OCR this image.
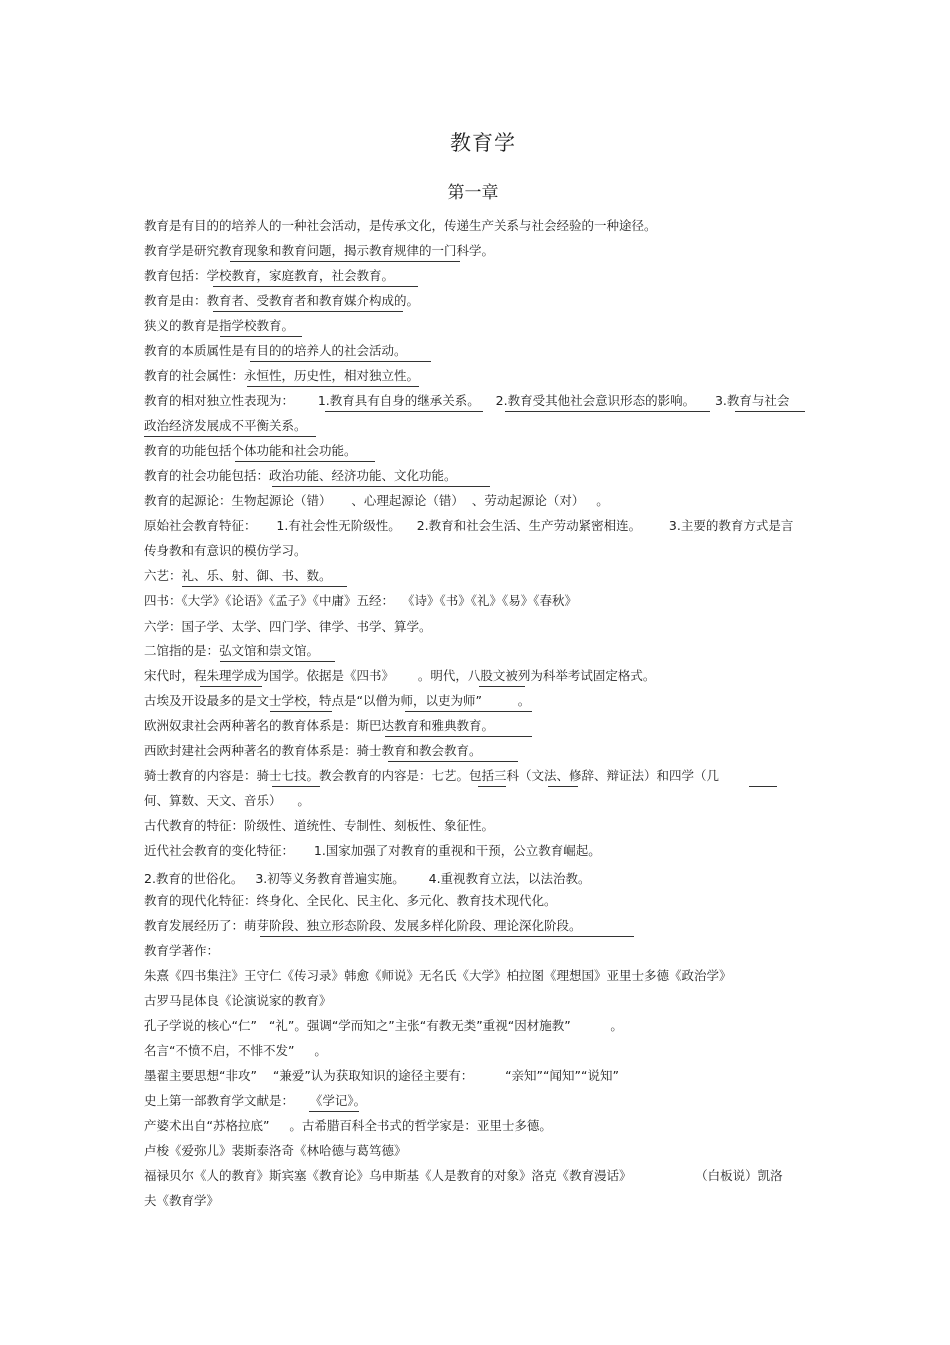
教育学
第一章
教育是有目的的培养人的一种社会活动，是传承文化，传递生产关系与社会经验的一种途径。
教育学是研究教育现象和教育问题，揭示教育规律的一门科学。
教育包括：学校教育，家庭教育，社会教育。
教育是由：教育者、受教育者和教育媒介构成的。
狭义的教育是指学校教育。
教育的本质属性是有目的的培养人的社会活动。
教育的社会属性：永恒性，历史性，相对独立性。
教育的相对独立性表现为：      1.教育具有自身的继承关系。    2.教育受其他社会意识形态的影响。     3.教育与社会
政治经济发展成不平衡关系。
教育的功能包括个体功能和社会功能。
教育的社会功能包括：政治功能、经济功能、文化功能。
教育的起源论：生物起源论（错）     、心理起源论（错）  、劳动起源论（对）   。
原始社会教育特征：     1.有社会性无阶级性。    2.教育和社会生活、生产劳动紧密相连。       3.主要的教育方式是言
传身教和有意识的模仿学习。
六艺：礼、乐、射、御、书、数。
四书：《大学》《论语》《孟子》《中庸》五经：  《诗》《书》《礼》《易》《春秋》
六学：国子学、太学、四门学、律学、书学、算学。
二馆指的是：弘文馆和崇文馆。
宋代时，程朱理学成为国学。依据是《四书》      。明代，八股文被列为科举考试固定格式。
古埃及开设最多的是文士学校，特点是“以僧为师，以吏为师”         。
欧洲奴隶社会两种著名的教育体系是：斯巴达教育和雅典教育。
西欧封建社会两种著名的教育体系是：骑士教育和教会教育。
骑士教育的内容是：骑士七技。教会教育的内容是：七艺。包括三科（文法、修辞、辩证法）和四学（几
何、算数、天文、音乐）    。
古代教育的特征：阶级性、道统性、专制性、刻板性、象征性。
近代社会教育的变化特征：     1.国家加强了对教育的重视和干预，公立教育崛起。
2.教育的世俗化。   3.初等义务教育普遍实施。      4.重视教育立法，以法治教。
教育的现代化特征：终身化、全民化、民主化、多元化、教育技术现代化。
教育发展经历了：萌芽阶段、独立形态阶段、发展多样化阶段、理论深化阶段。
教育学著作：
朱熹《四书集注》王守仁《传习录》韩愈《师说》无名氏《大学》柏拉图《理想国》亚里士多德《政治学》
古罗马昆体良《论演说家的教育》
孔子学说的核心“仁”   “礼”。强调“学而知之”主张“有教无类”重视“因材施教”          。
名言“不愤不启，不悱不发”     。
墨翟主要思想“非攻”    “兼爱”认为获取知识的途径主要有：        “亲知”“闻知”“说知”
史上第一部教育学文献是：    《学记》。
产婆术出自“苏格拉底”     。古希腊百科全书式的哲学家是：亚里士多德。
卢梭《爱弥儿》裴斯泰洛奇《林哈德与葛笃德》
福禄贝尔《人的教育》斯宾塞《教育论》乌申斯基《人是教育的对象》洛克《教育漫话》                （白板说）凯洛
夫《教育学》
